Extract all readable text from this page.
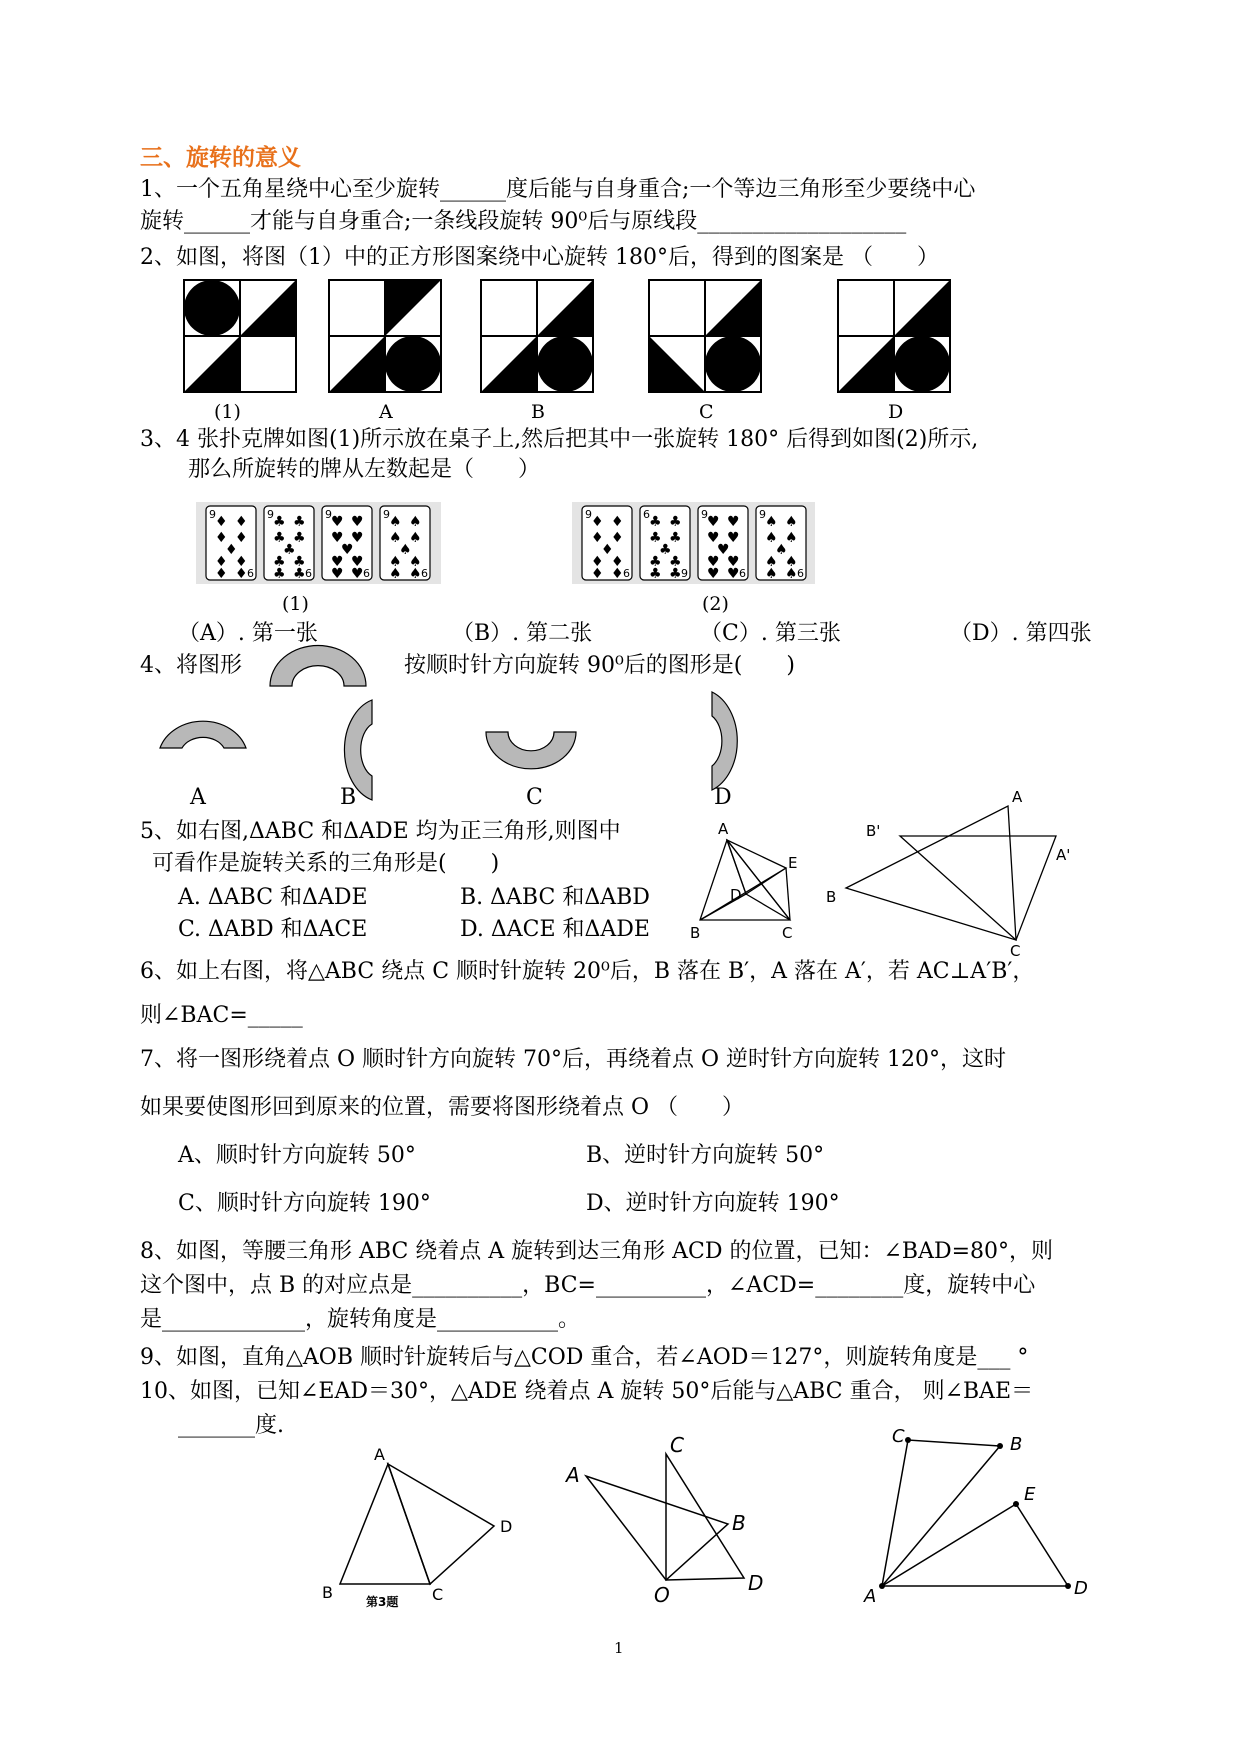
三、旋转的意义
1、一个五角星绕中心至少旋转______度后能与自身重合;一个等边三角形至少要绕中心
旋转______才能与自身重合;一条线段旋转 90⁰后与原线段___________________
2、如图，将图（1）中的正方形图案绕中心旋转 180°后，得到的图案是 （　　）
(1)	A	B	C	D
3、4 张扑克牌如图(1)所示放在桌子上,然后把其中一张旋转 180° 后得到如图(2)所示,
那么所旋转的牌从左数起是（　　）
9
6
♦ ♦
♦ ♦
♦
♦ ♦
♦ ♦
9
6
♣ ♣
♣ ♣
♣
♣ ♣
♣ ♣
9
6
♥ ♥
♥ ♥
♥
♥ ♥
♥ ♥
9
6
♠ ♠
♠ ♠
♠
♠ ♠
♠ ♠
9
6
♦ ♦
♦ ♦
♦
♦ ♦
♦ ♦
6
9
♣ ♣
♣ ♣
♣
♣ ♣
♣ ♣
9
6
♥ ♥
♥ ♥
♥
♥ ♥
♥ ♥
9
6
♠ ♠
♠ ♠
♠
♠ ♠
♠ ♠
(1)	(2)
（A）. 第一张	（B）. 第二张	（C）. 第三张	（D）. 第四张
4、将图形	按顺时针方向旋转 90⁰后的图形是(　　)
A	B	C	D
5、如右图,ΔABC 和ΔADE 均为正三角形,则图中
可看作是旋转关系的三角形是(　　)
A. ΔABC 和ΔADE	B. ΔABC 和ΔABD
C. ΔABD 和ΔACE	D. ΔACE 和ΔADE
A
E
D
B	C
A
B'
A'
B
C
6、如上右图，将△ABC 绕点 C 顺时针旋转 20⁰后，B 落在 B′，A 落在 A′，若 AC⊥A′B′，
则∠BAC=_____
7、将一图形绕着点 O 顺时针方向旋转 70°后，再绕着点 O 逆时针方向旋转 120°，这时
如果要使图形回到原来的位置，需要将图形绕着点 O （　　）
A、顺时针方向旋转 50°	B、逆时针方向旋转 50°
C、顺时针方向旋转 190°	D、逆时针方向旋转 190°
8、如图，等腰三角形 ABC 绕着点 A 旋转到达三角形 ACD 的位置，已知：∠BAD=80°，则
这个图中，点 B 的对应点是__________，BC=__________，∠ACD=________度，旋转中心
是_____________，旋转角度是___________。
9、如图，直角△AOB 顺时针旋转后与△COD 重合，若∠AOD＝127°，则旋转角度是___ °
10、如图，已知∠EAD＝30°，△ADE 绕着点 A 旋转 50°后能与△ABC 重合， 则∠BAE＝
_______度.
A
D
B	C
第3题
A
C
B
O	D
C	B
E
A	D
1
